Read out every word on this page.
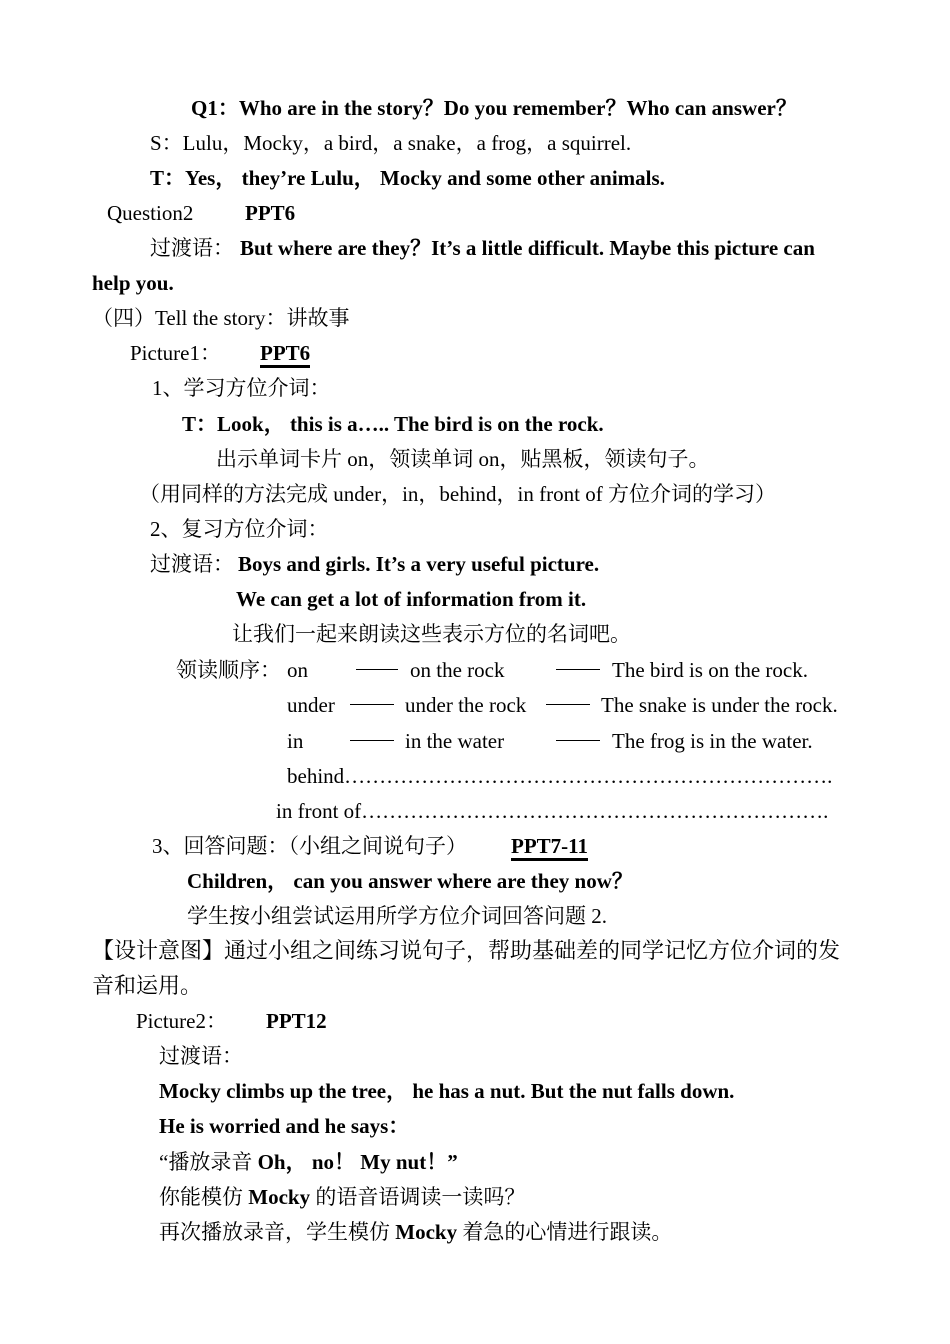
Q1：Who are in the story？Do you remember？Who can answer？
S：Lulu，Mocky，a bird，a snake，a frog，a squirrel.
T：Yes， they’re Lulu， Mocky and some other animals.
Question2 PPT6
过渡语： But where are they？It’s a little difficult. Maybe this picture can
help you.
（四）Tell the story：讲故事
Picture1： PPT6
1、学习方位介词：
T：Look， this is a….. The bird is on the rock.
出示单词卡片 on，领读单词 on，贴黑板，领读句子。
（用同样的方法完成 under，in，behind，in front of 方位介词的学习）
2、复习方位介词：
过渡语： Boys and girls. It’s a very useful picture.
We can get a lot of information from it.
让我们一起来朗读这些表示方位的名词吧。
领读顺序： on	on the rock	The bird is on the rock.
under	under the rock	The snake is under the rock.
in	in the water	The frog is in the water.
behind…………………………………………………………….
in front of………………………………………………………….
3、回答问题：（小组之间说句子） PPT7-11
Children， can you answer where are they now？
学生按小组尝试运用所学方位介词回答问题 2.
【设计意图】通过小组之间练习说句子，帮助基础差的同学记忆方位介词的发
音和运用。
Picture2： PPT12
过渡语：
Mocky climbs up the tree， he has a nut. But the nut falls down.
He is worried and he says：
“播放录音 Oh， no！ My nut！”
你能模仿 Mocky 的语音语调读一读吗？
再次播放录音，学生模仿 Mocky 着急的心情进行跟读。
